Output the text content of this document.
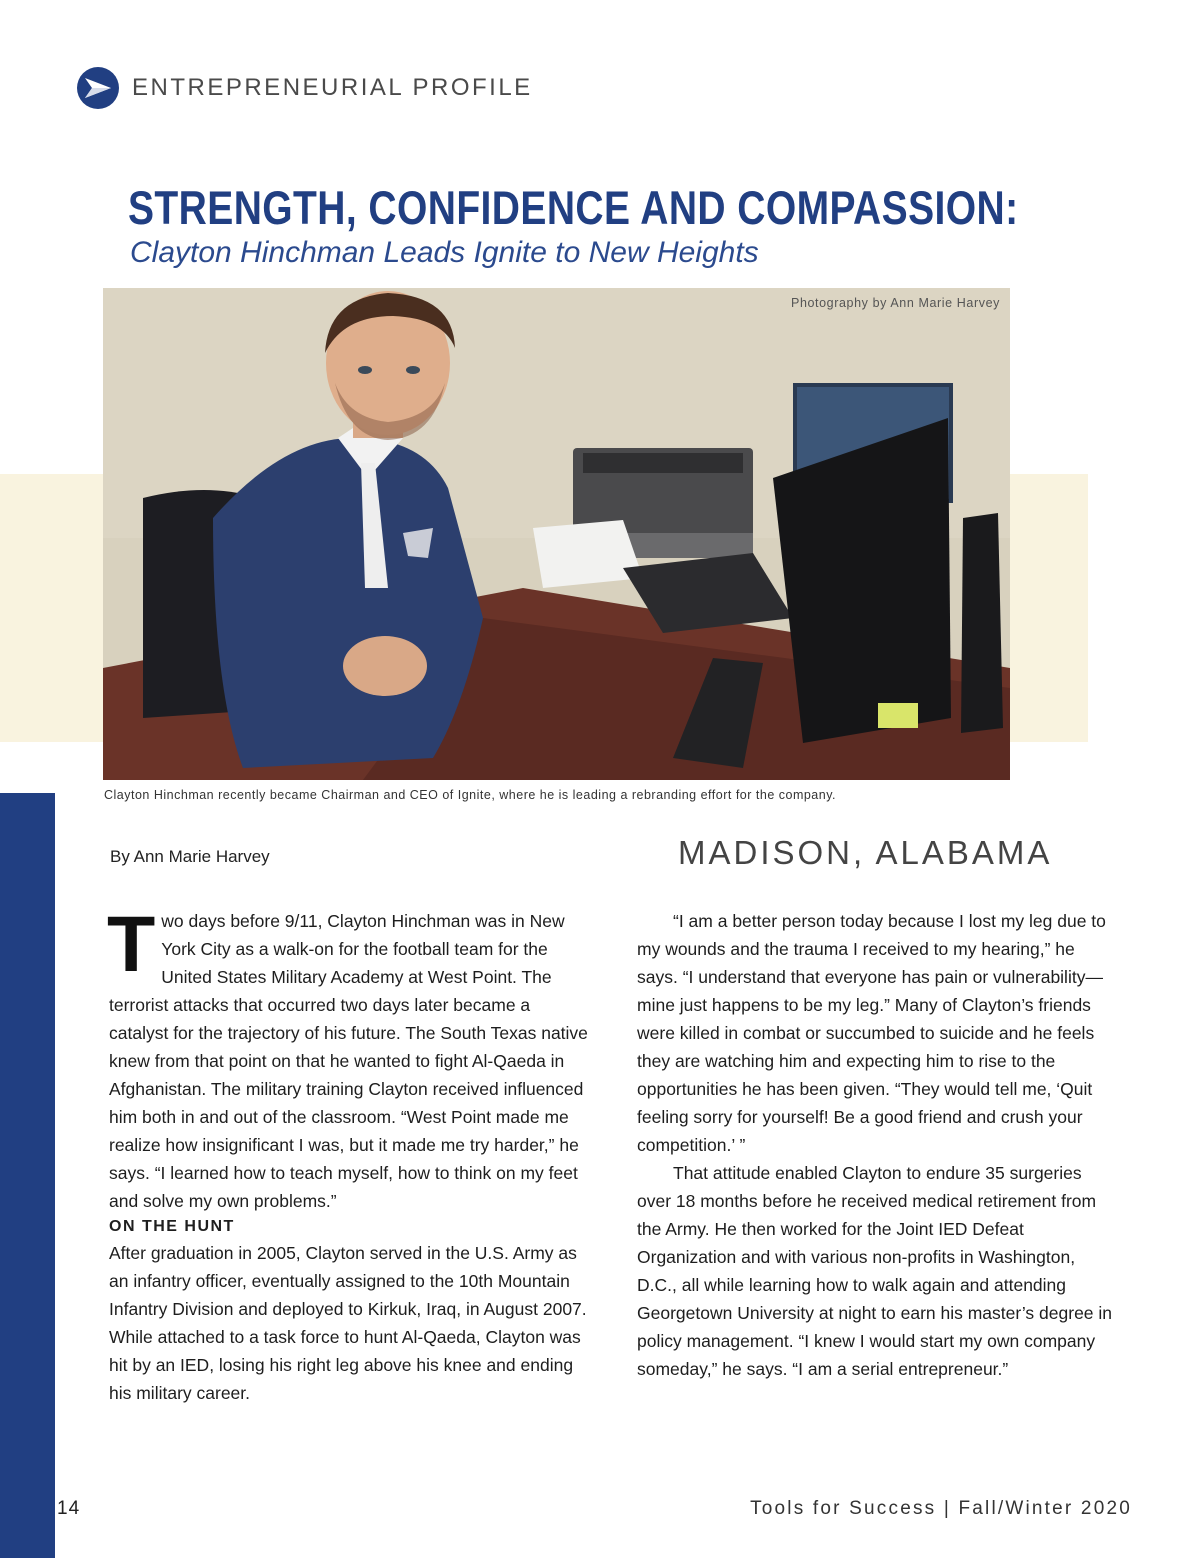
ENTREPRENEURIAL PROFILE
STRENGTH, CONFIDENCE AND COMPASSION:
Clayton Hinchman Leads Ignite to New Heights
Photography by Ann Marie Harvey

Clayton Hinchman recently became Chairman and CEO of Ignite, where he is leading a rebranding effort for the company.

By Ann Marie Harvey	MADISON, ALABAMA

Two days before 9/11, Clayton Hinchman was in New York City as a walk-on for the football team for the United States Military Academy at West Point. The terrorist attacks that occurred two days later became a catalyst for the trajectory of his future. The South Texas native knew from that point on that he wanted to fight Al-Qaeda in Afghanistan. The military training Clayton received influenced him both in and out of the classroom. “West Point made me realize how insignificant I was, but it made me try harder,” he says. “I learned how to teach myself, how to think on my feet and solve my own problems.”

ON THE HUNT

After graduation in 2005, Clayton served in the U.S. Army as an infantry officer, eventually assigned to the 10th Mountain Infantry Division and deployed to Kirkuk, Iraq, in August 2007. While attached to a task force to hunt Al-Qaeda, Clayton was hit by an IED, losing his right leg above his knee and ending his military career.

“I am a better person today because I lost my leg due to my wounds and the trauma I received to my hearing,” he says. “I understand that everyone has pain or vulnerability—mine just happens to be my leg.” Many of Clayton’s friends were killed in combat or succumbed to suicide and he feels they are watching him and expecting him to rise to the opportunities he has been given. “They would tell me, ‘Quit feeling sorry for yourself! Be a good friend and crush your competition.’ ”

That attitude enabled Clayton to endure 35 surgeries over 18 months before he received medical retirement from the Army. He then worked for the Joint IED Defeat Organization and with various non-profits in Washington, D.C., all while learning how to walk again and attending Georgetown University at night to earn his master’s degree in policy management. “I knew I would start my own company someday,” he says. “I am a serial entrepreneur.”

14	Tools for Success | Fall/Winter 2020
